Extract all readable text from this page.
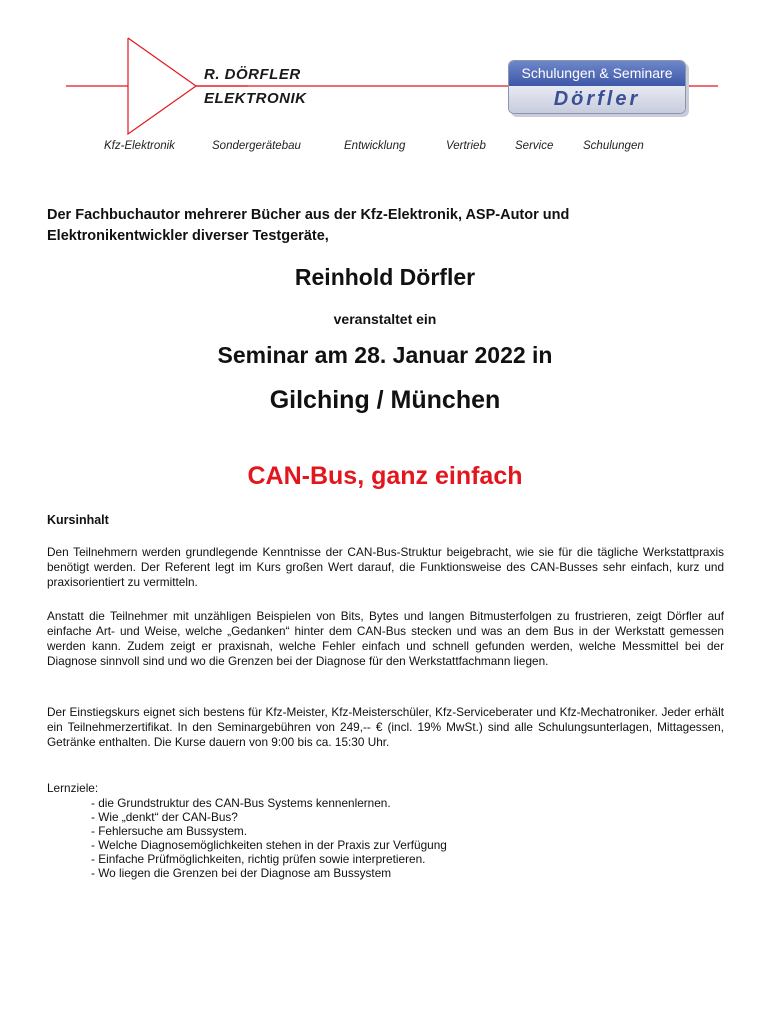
R. DÖRFLER
ELEKTRONIK
Schulungen & Seminare
Dörfler
Kfz-Elektronik	Sondergerätebau	Entwicklung	Vertrieb	Service	Schulungen

Der Fachbuchautor mehrerer Bücher aus der Kfz-Elektronik, ASP-Autor und

Elektronikentwickler diverser Testgeräte,

Reinhold Dörfler

veranstaltet ein

Seminar am 28. Januar 2022 in

Gilching / München

CAN-Bus, ganz einfach

Kursinhalt

Den Teilnehmern werden grundlegende Kenntnisse der CAN-Bus-Struktur beigebracht, wie sie für die tägliche Werkstattpraxis benötigt werden. Der Referent legt im Kurs großen Wert darauf, die Funktionsweise des CAN-Busses sehr einfach, kurz und praxisorientiert zu vermitteln.

Anstatt die Teilnehmer mit unzähligen Beispielen von Bits, Bytes und langen Bitmusterfolgen zu frustrieren, zeigt Dörfler auf einfache Art- und Weise, welche „Gedanken“ hinter dem CAN-Bus stecken und was an dem Bus in der Werkstatt gemessen werden kann. Zudem zeigt er praxisnah, welche Fehler einfach und schnell gefunden werden, welche Messmittel bei der Diagnose sinnvoll sind und wo die Grenzen bei der Diagnose für den Werkstattfachmann liegen.

Der Einstiegskurs eignet sich bestens für Kfz-Meister, Kfz-Meisterschüler, Kfz-Serviceberater und Kfz-Mechatroniker. Jeder erhält ein Teilnehmerzertifikat. In den Seminargebühren von 249,-- € (incl. 19% MwSt.) sind alle Schulungsunterlagen, Mittagessen, Getränke enthalten. Die Kurse dauern von 9:00 bis ca. 15:30 Uhr.

Lernziele:
- die Grundstruktur des CAN-Bus Systems kennenlernen.
- Wie „denkt“ der CAN-Bus?
- Fehlersuche am Bussystem.
- Welche Diagnosemöglichkeiten stehen in der Praxis zur Verfügung
- Einfache Prüfmöglichkeiten, richtig prüfen sowie interpretieren.
- Wo liegen die Grenzen bei der Diagnose am Bussystem
